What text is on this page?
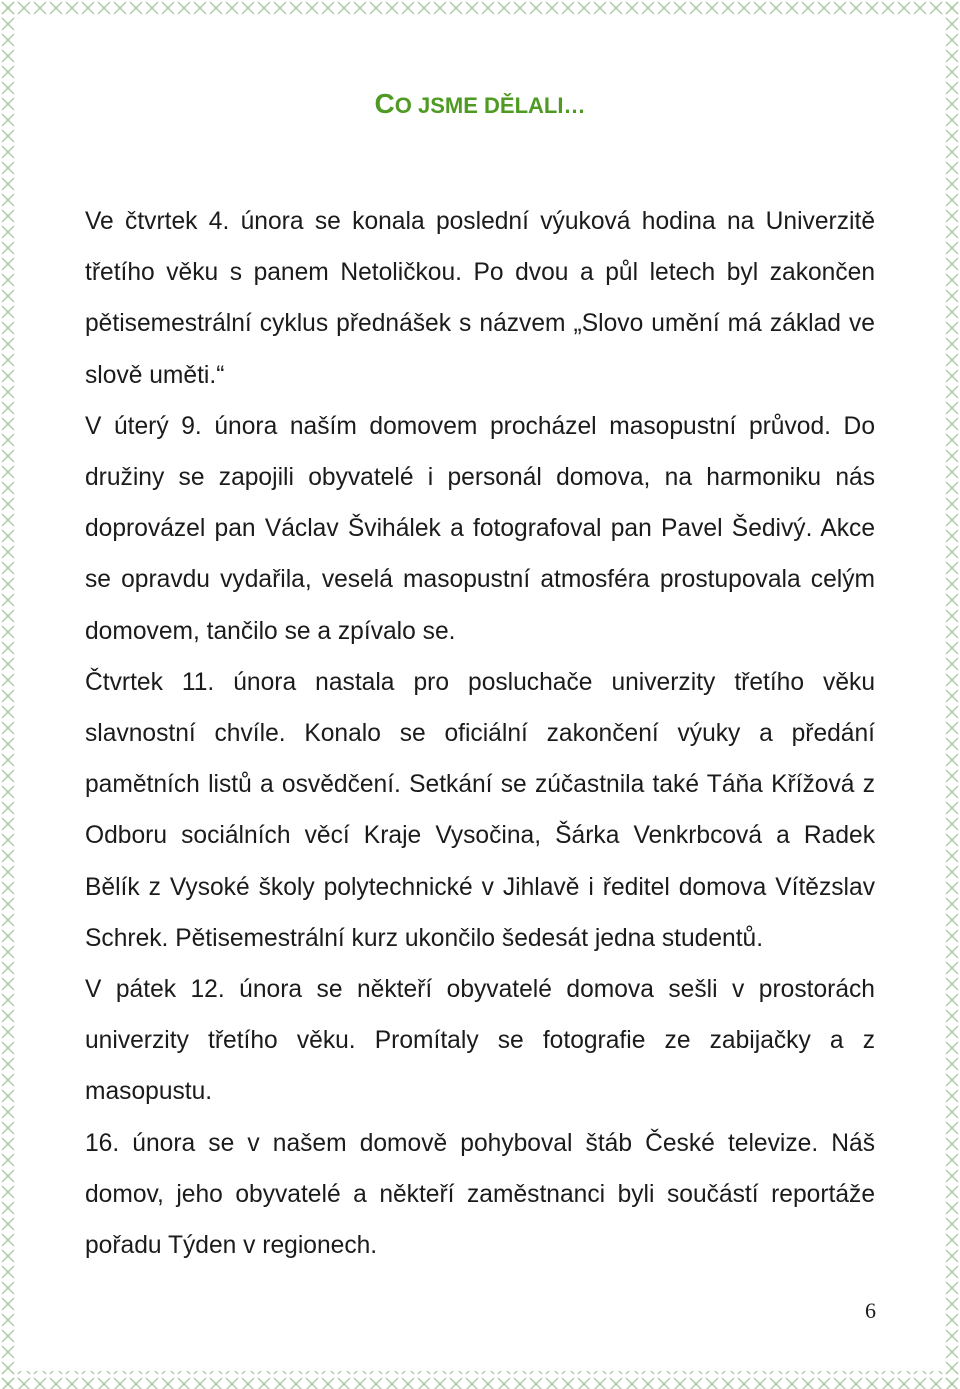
CO JSME DĚLALI…

Ve čtvrtek 4. února se konala poslední výuková hodina na Univerzitě třetího věku s panem Netoličkou. Po dvou a půl letech byl zakončen pětisemestrální cyklus přednášek s názvem „Slovo umění má základ ve slově uměti.“

V úterý 9. února naším domovem procházel masopustní průvod. Do družiny se zapojili obyvatelé i personál domova, na harmoniku nás doprovázel pan Václav Švihálek a fotografoval pan Pavel Šedivý. Akce se opravdu vydařila, veselá masopustní atmosféra prostupovala celým domovem, tančilo se a zpívalo se.

Čtvrtek 11. února nastala pro posluchače univerzity třetího věku slavnostní chvíle. Konalo se oficiální zakončení výuky a předání pamětních listů a osvědčení. Setkání se zúčastnila také Táňa Křížová z Odboru sociálních věcí Kraje Vysočina, Šárka Venkrbcová a Radek Bělík z Vysoké školy polytechnické v Jihlavě i ředitel domova Vítězslav Schrek. Pětisemestrální kurz ukončilo šedesát jedna studentů.

V pátek 12. února se někteří obyvatelé domova sešli v prostorách univerzity třetího věku. Promítaly se fotografie ze zabijačky a z masopustu.

16. února se v našem domově pohyboval štáb České televize. Náš domov, jeho obyvatelé a někteří zaměstnanci byli součástí reportáže pořadu Týden v regionech.

6
